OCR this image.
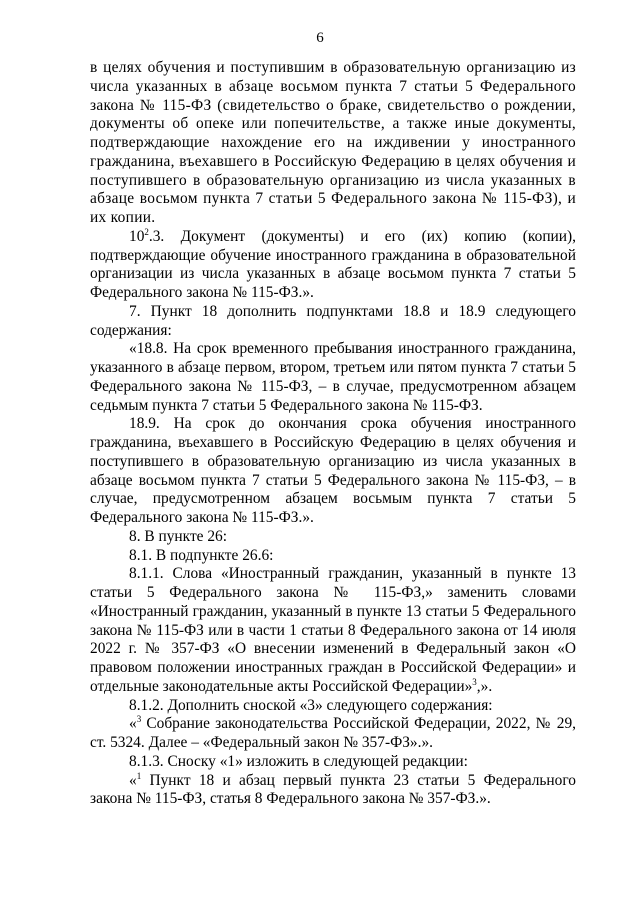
6

в целях обучения и поступившим в образовательную организацию из числа указанных в абзаце восьмом пункта 7 статьи 5 Федерального закона № 115-ФЗ (свидетельство о браке, свидетельство о рождении, документы об опеке или попечительстве, а также иные документы, подтверждающие нахождение его на иждивении у иностранного гражданина, въехавшего в Российскую Федерацию в целях обучения и поступившего в образовательную организацию из числа указанных в абзаце восьмом пункта 7 статьи 5 Федерального закона № 115-ФЗ), и их копии.

$10^2.3$. Документ (документы) и его (их) копию (копии), подтверждающие обучение иностранного гражданина в образовательной организации из числа указанных в абзаце восьмом пункта 7 статьи 5 Федерального закона № 115-ФЗ.».

7. Пункт 18 дополнить подпунктами 18.8 и 18.9 следующего содержания:

«18.8. На срок временного пребывания иностранного гражданина, указанного в абзаце первом, втором, третьем или пятом пункта 7 статьи 5 Федерального закона № 115-ФЗ, – в случае, предусмотренном абзацем седьмым пункта 7 статьи 5 Федерального закона № 115-ФЗ.

18.9. На срок до окончания срока обучения иностранного гражданина, въехавшего в Российскую Федерацию в целях обучения и поступившего в образовательную организацию из числа указанных в абзаце восьмом пункта 7 статьи 5 Федерального закона № 115-ФЗ, – в случае, предусмотренном абзацем восьмым пункта 7 статьи 5 Федерального закона № 115-ФЗ.».

8. В пункте 26:

8.1. В подпункте 26.6:

8.1.1. Слова «Иностранный гражданин, указанный в пункте 13 статьи 5 Федерального закона № 115-ФЗ,» заменить словами «Иностранный гражданин, указанный в пункте 13 статьи 5 Федерального закона № 115-ФЗ или в части 1 статьи 8 Федерального закона от 14 июля 2022 г. № 357-ФЗ «О внесении изменений в Федеральный закон «О правовом положении иностранных граждан в Российской Федерации» и отдельные законодательные акты Российской Федерации»$^3$,».

8.1.2. Дополнить сноской «3» следующего содержания:

«$^3$ Собрание законодательства Российской Федерации, 2022, № 29, ст. 5324. Далее – «Федеральный закон № 357-ФЗ».».

8.1.3. Сноску «1» изложить в следующей редакции:

«$^1$ Пункт 18 и абзац первый пункта 23 статьи 5 Федерального закона № 115-ФЗ, статья 8 Федерального закона № 357-ФЗ.».
